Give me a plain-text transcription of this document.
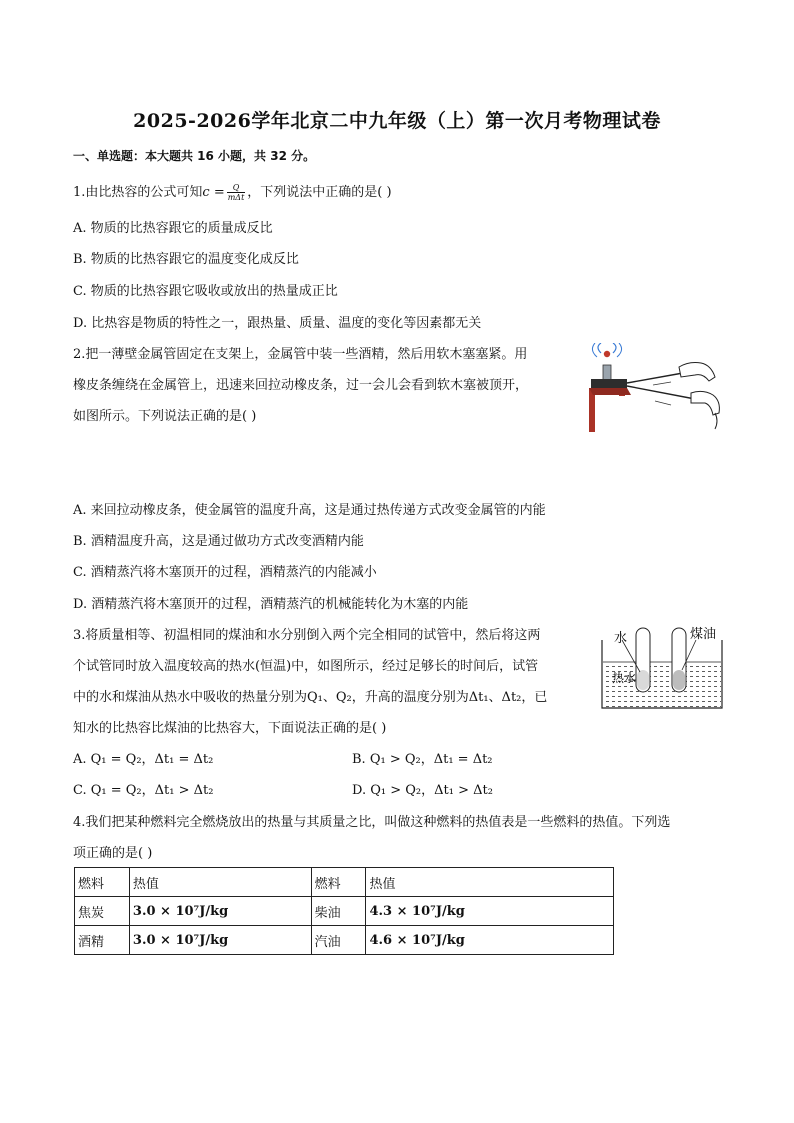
2025-2026学年北京二中九年级（上）第一次月考物理试卷
一、单选题：本大题共 16 小题，共 32 分。
1.由比热容的公式可知$c = \frac{Q}{\text{mΔt}}$ ，下列说法中正确的是( )
A. 物质的比热容跟它的质量成反比
B. 物质的比热容跟它的温度变化成反比
C. 物质的比热容跟它吸收或放出的热量成正比
D. 比热容是物质的特性之一，跟热量、质量、温度的变化等因素都无关
2.把一薄壁金属管固定在支架上，金属管中装一些酒精，然后用软木塞塞紧。用
橡皮条缠绕在金属管上，迅速来回拉动橡皮条，过一会儿会看到软木塞被顶开，
如图所示。下列说法正确的是( )
A. 来回拉动橡皮条，使金属管的温度升高，这是通过热传递方式改变金属管的内能
B. 酒精温度升高，这是通过做功方式改变酒精内能
C. 酒精蒸汽将木塞顶开的过程，酒精蒸汽的内能减小
D. 酒精蒸汽将木塞顶开的过程，酒精蒸汽的机械能转化为木塞的内能
3.将质量相等、初温相同的煤油和水分别倒入两个完全相同的试管中，然后将这两
个试管同时放入温度较高的热水(恒温)中，如图所示，经过足够长的时间后，试管
中的水和煤油从热水中吸收的热量分别为Q₁、Q₂，升高的温度分别为Δt₁、Δt₂，已
知水的比热容比煤油的比热容大，下面说法正确的是( )
水	煤油
热水
A. Q₁ = Q₂，Δt₁ = Δt₂	B. Q₁ > Q₂，Δt₁ = Δt₂
C. Q₁ = Q₂，Δt₁ > Δt₂	D. Q₁ > Q₂，Δt₁ > Δt₂
4.我们把某种燃料完全燃烧放出的热量与其质量之比，叫做这种燃料的热值表是一些燃料的热值。下列选
项正确的是( )
燃料	热值	燃料	热值
焦炭	3.0 × 10⁷J/kg	柴油	4.3 × 10⁷J/kg
酒精	3.0 × 10⁷J/kg	汽油	4.6 × 10⁷J/kg
